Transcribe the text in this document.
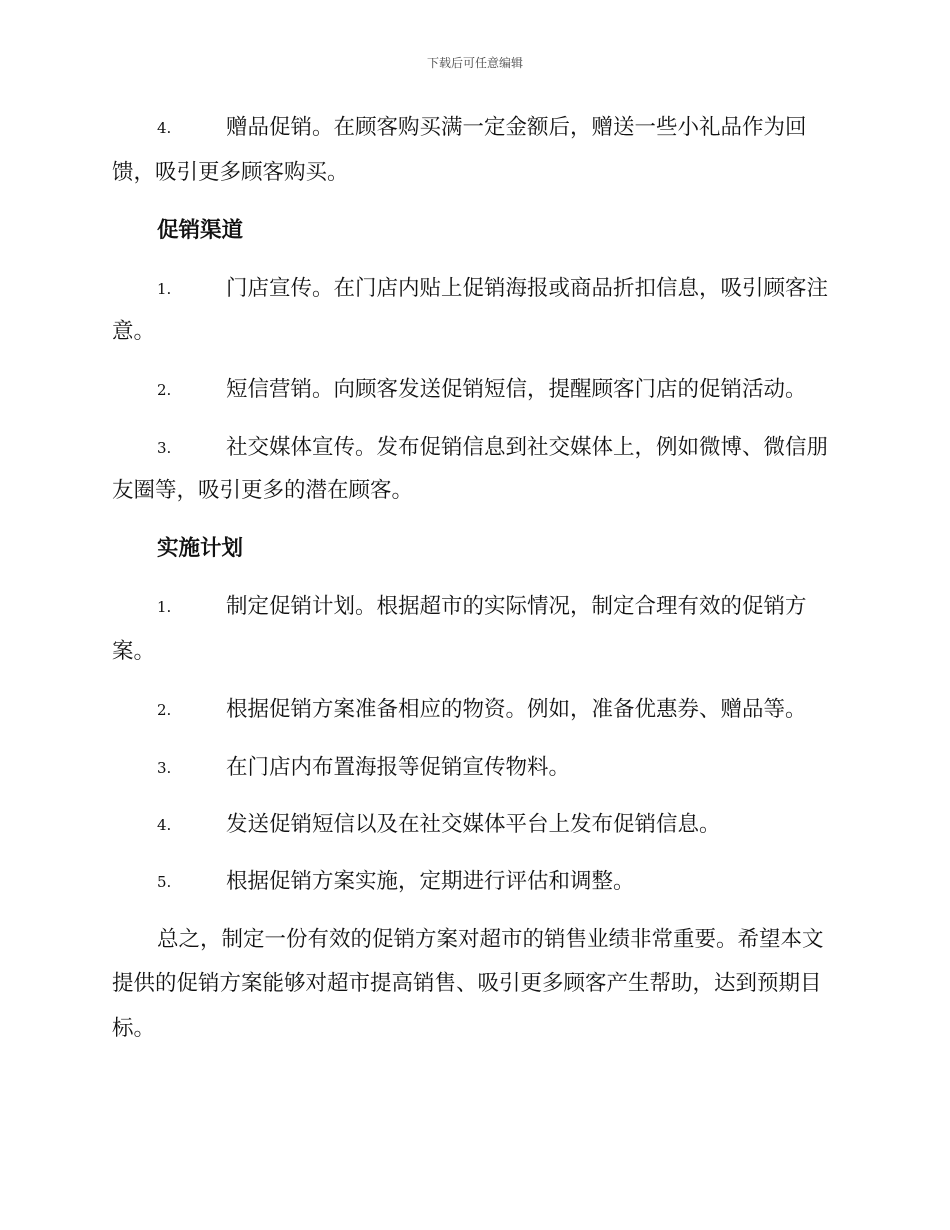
下载后可任意编辑
4.	赠品促销。在顾客购买满一定金额后，赠送一些小礼品作为回
馈，吸引更多顾客购买。
促销渠道
1.	门店宣传。在门店内贴上促销海报或商品折扣信息，吸引顾客注
意。
2.	短信营销。向顾客发送促销短信，提醒顾客门店的促销活动。
3.	社交媒体宣传。发布促销信息到社交媒体上，例如微博、微信朋
友圈等，吸引更多的潜在顾客。
实施计划
1.	制定促销计划。根据超市的实际情况，制定合理有效的促销方
案。
2.	根据促销方案准备相应的物资。例如，准备优惠券、赠品等。
3.	在门店内布置海报等促销宣传物料。
4.	发送促销短信以及在社交媒体平台上发布促销信息。
5.	根据促销方案实施，定期进行评估和调整。
总之，制定一份有效的促销方案对超市的销售业绩非常重要。希望本文
提供的促销方案能够对超市提高销售、吸引更多顾客产生帮助，达到预期目
标。
